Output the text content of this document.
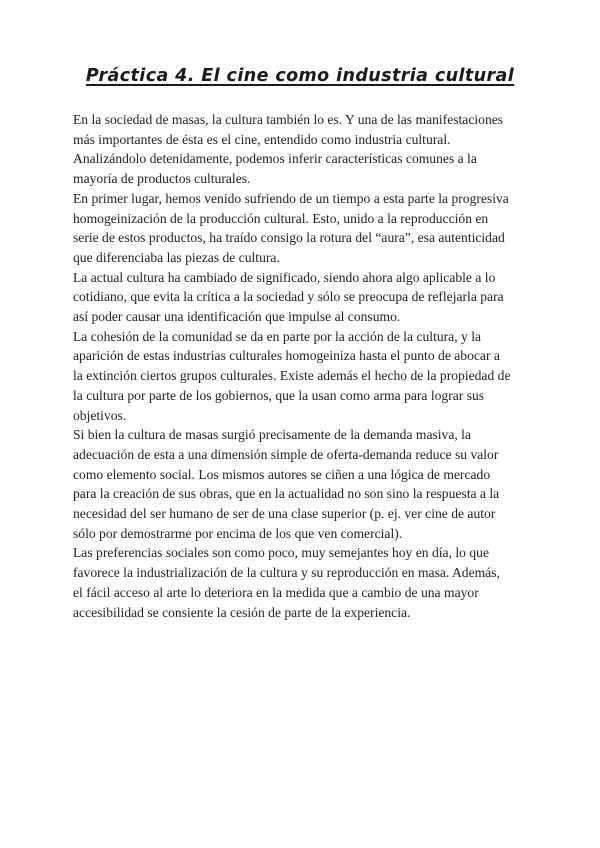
Práctica 4. El cine como industria cultural

En la sociedad de masas, la cultura también lo es. Y una de las manifestaciones
más importantes de ésta es el cine, entendido como industria cultural.
Analizándolo detenidamente, podemos inferir características comunes a la
mayoría de productos culturales.

En primer lugar, hemos venido sufriendo de un tiempo a esta parte la progresiva
homogeinización de la producción cultural. Esto, unido a la reproducción en
serie de estos productos, ha traído consigo la rotura del “aura”, esa autenticidad
que diferenciaba las piezas de cultura.

La actual cultura ha cambiado de significado, siendo ahora algo aplicable a lo
cotidiano, que evita la crítica a la sociedad y sólo se preocupa de reflejarla para
así poder causar una identificación que impulse al consumo.

La cohesión de la comunidad se da en parte por la acción de la cultura, y la
aparición de estas industrias culturales homogeiniza hasta el punto de abocar a
la extinción ciertos grupos culturales. Existe además el hecho de la propiedad de
la cultura por parte de los gobiernos, que la usan como arma para lograr sus
objetivos.

Si bien la cultura de masas surgió precisamente de la demanda masiva, la
adecuación de esta a una dimensión simple de oferta-demanda reduce su valor
como elemento social. Los mismos autores se ciñen a una lógica de mercado
para la creación de sus obras, que en la actualidad no son sino la respuesta a la
necesidad del ser humano de ser de una clase superior (p. ej. ver cine de autor
sólo por demostrarme por encima de los que ven comercial).

Las preferencias sociales son como poco, muy semejantes hoy en día, lo que
favorece la industrialización de la cultura y su reproducción en masa. Además,
el fácil acceso al arte lo deteriora en la medida que a cambio de una mayor
accesibilidad se consiente la cesión de parte de la experiencia.
